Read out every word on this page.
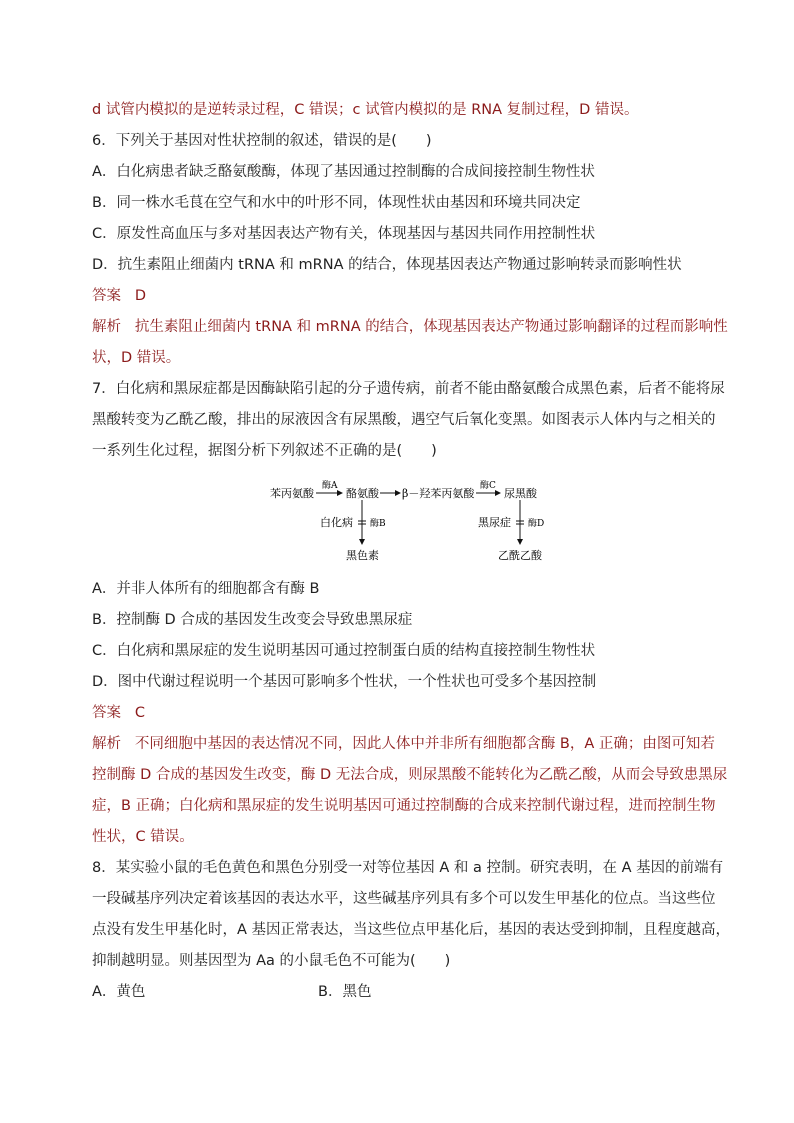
d 试管内模拟的是逆转录过程，C 错误；c 试管内模拟的是 RNA 复制过程，D 错误。
6．下列关于基因对性状控制的叙述，错误的是(　　)
A．白化病患者缺乏酪氨酸酶，体现了基因通过控制酶的合成间接控制生物性状
B．同一株水毛茛在空气和水中的叶形不同，体现性状由基因和环境共同决定
C．原发性高血压与多对基因表达产物有关，体现基因与基因共同作用控制性状
D．抗生素阻止细菌内 tRNA 和 mRNA 的结合，体现基因表达产物通过影响转录而影响性状
答案 D
解析 抗生素阻止细菌内 tRNA 和 mRNA 的结合，体现基因表达产物通过影响翻译的过程而影响性
状，D 错误。
7．白化病和黑尿症都是因酶缺陷引起的分子遗传病，前者不能由酪氨酸合成黑色素，后者不能将尿
黑酸转变为乙酰乙酸，排出的尿液因含有尿黑酸，遇空气后氧化变黑。如图表示人体内与之相关的
一系列生化过程，据图分析下列叙述不正确的是(　　)
苯丙氨酸
酶A
酪氨酸 β－羟苯丙氨酸
酶C
尿黑酸
白化病 酶B
黑色素
黑尿症 酶D
乙酰乙酸
A．并非人体所有的细胞都含有酶 B
B．控制酶 D 合成的基因发生改变会导致患黑尿症
C．白化病和黑尿症的发生说明基因可通过控制蛋白质的结构直接控制生物性状
D．图中代谢过程说明一个基因可影响多个性状，一个性状也可受多个基因控制
答案 C
解析 不同细胞中基因的表达情况不同，因此人体中并非所有细胞都含酶 B，A 正确；由图可知若
控制酶 D 合成的基因发生改变，酶 D 无法合成，则尿黑酸不能转化为乙酰乙酸，从而会导致患黑尿
症，B 正确；白化病和黑尿症的发生说明基因可通过控制酶的合成来控制代谢过程，进而控制生物
性状，C 错误。
8．某实验小鼠的毛色黄色和黑色分别受一对等位基因 A 和 a 控制。研究表明，在 A 基因的前端有
一段碱基序列决定着该基因的表达水平，这些碱基序列具有多个可以发生甲基化的位点。当这些位
点没有发生甲基化时，A 基因正常表达，当这些位点甲基化后，基因的表达受到抑制，且程度越高，
抑制越明显。则基因型为 Aa 的小鼠毛色不可能为(　　)
A．黄色	B．黑色
